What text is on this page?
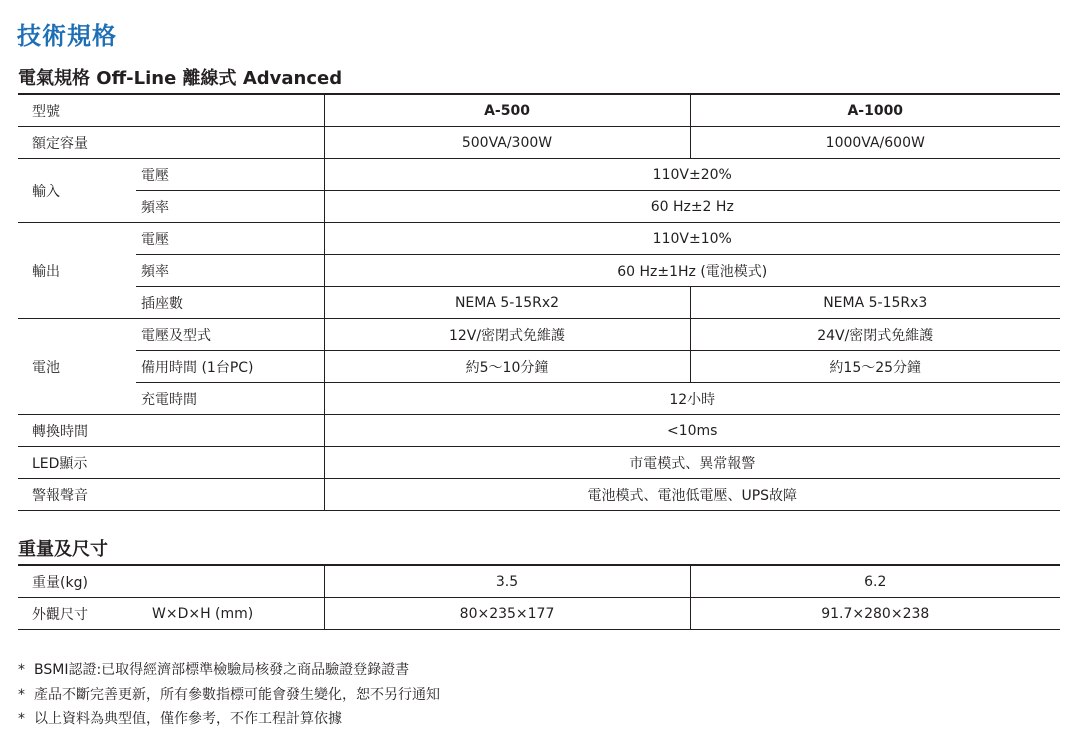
技術規格
電氣規格 Off-Line 離線式 Advanced
型號		A-500	A-1000
額定容量		500VA/300W	1000VA/600W
輸入	電壓	110V±20%	
	頻率	60 Hz±2 Hz	
輸出	電壓	110V±10%	
	頻率	60 Hz±1Hz (電池模式)	
	插座數	NEMA 5-15Rx2	NEMA 5-15Rx3
電池	電壓及型式	12V/密閉式免維護	24V/密閉式免維護
	備用時間 (1台PC)	約5～10分鐘	約15～25分鐘
	充電時間	12小時	
轉換時間		<10ms	
LED顯示		市電模式、異常報警	
警報聲音		電池模式、電池低電壓、UPS故障	
重量及尺寸
重量(kg)		3.5	6.2
外觀尺寸	W×D×H (mm)	80×235×177	91.7×280×238
* BSMI認證:已取得經濟部標準檢驗局核發之商品驗證登錄證書
* 產品不斷完善更新，所有參數指標可能會發生變化，恕不另行通知
* 以上資料為典型值，僅作參考，不作工程計算依據
